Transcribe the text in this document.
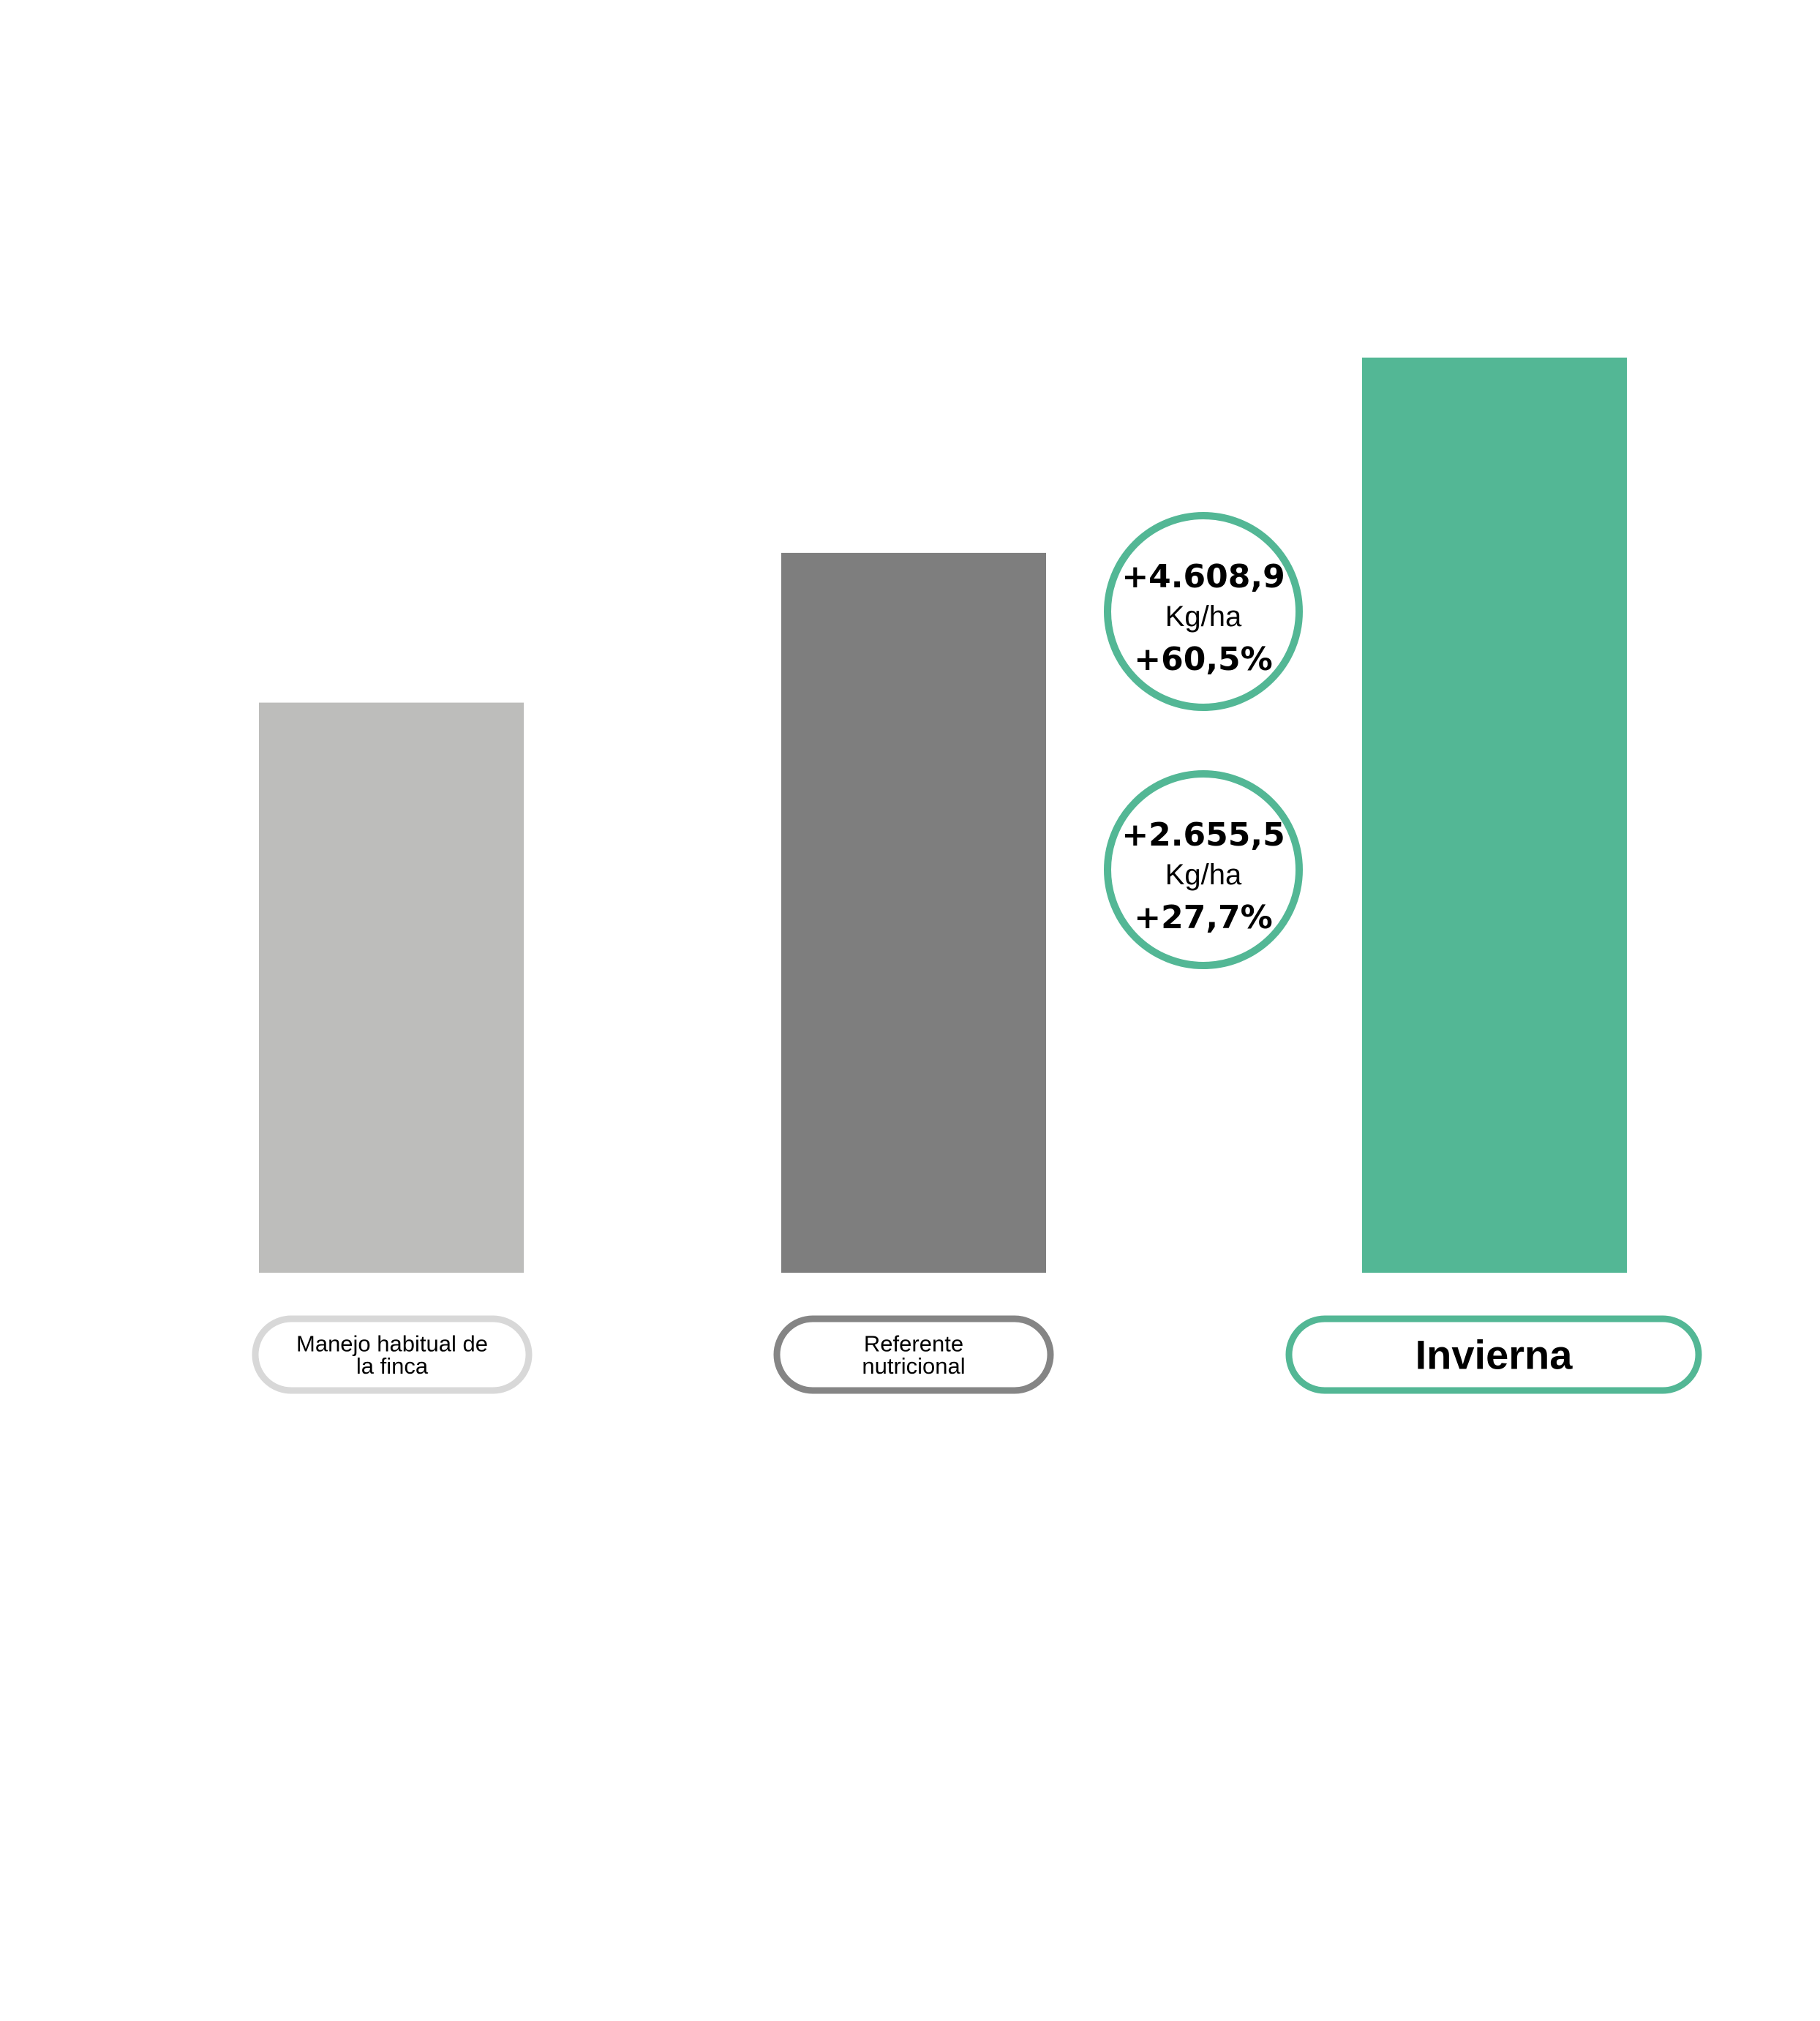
Manejo habitual de
la finca
Referente
nutricional	Invierna
+4.608,9
Kg/ha
+60,5%
+2.655,5
Kg/ha
+27,7%
